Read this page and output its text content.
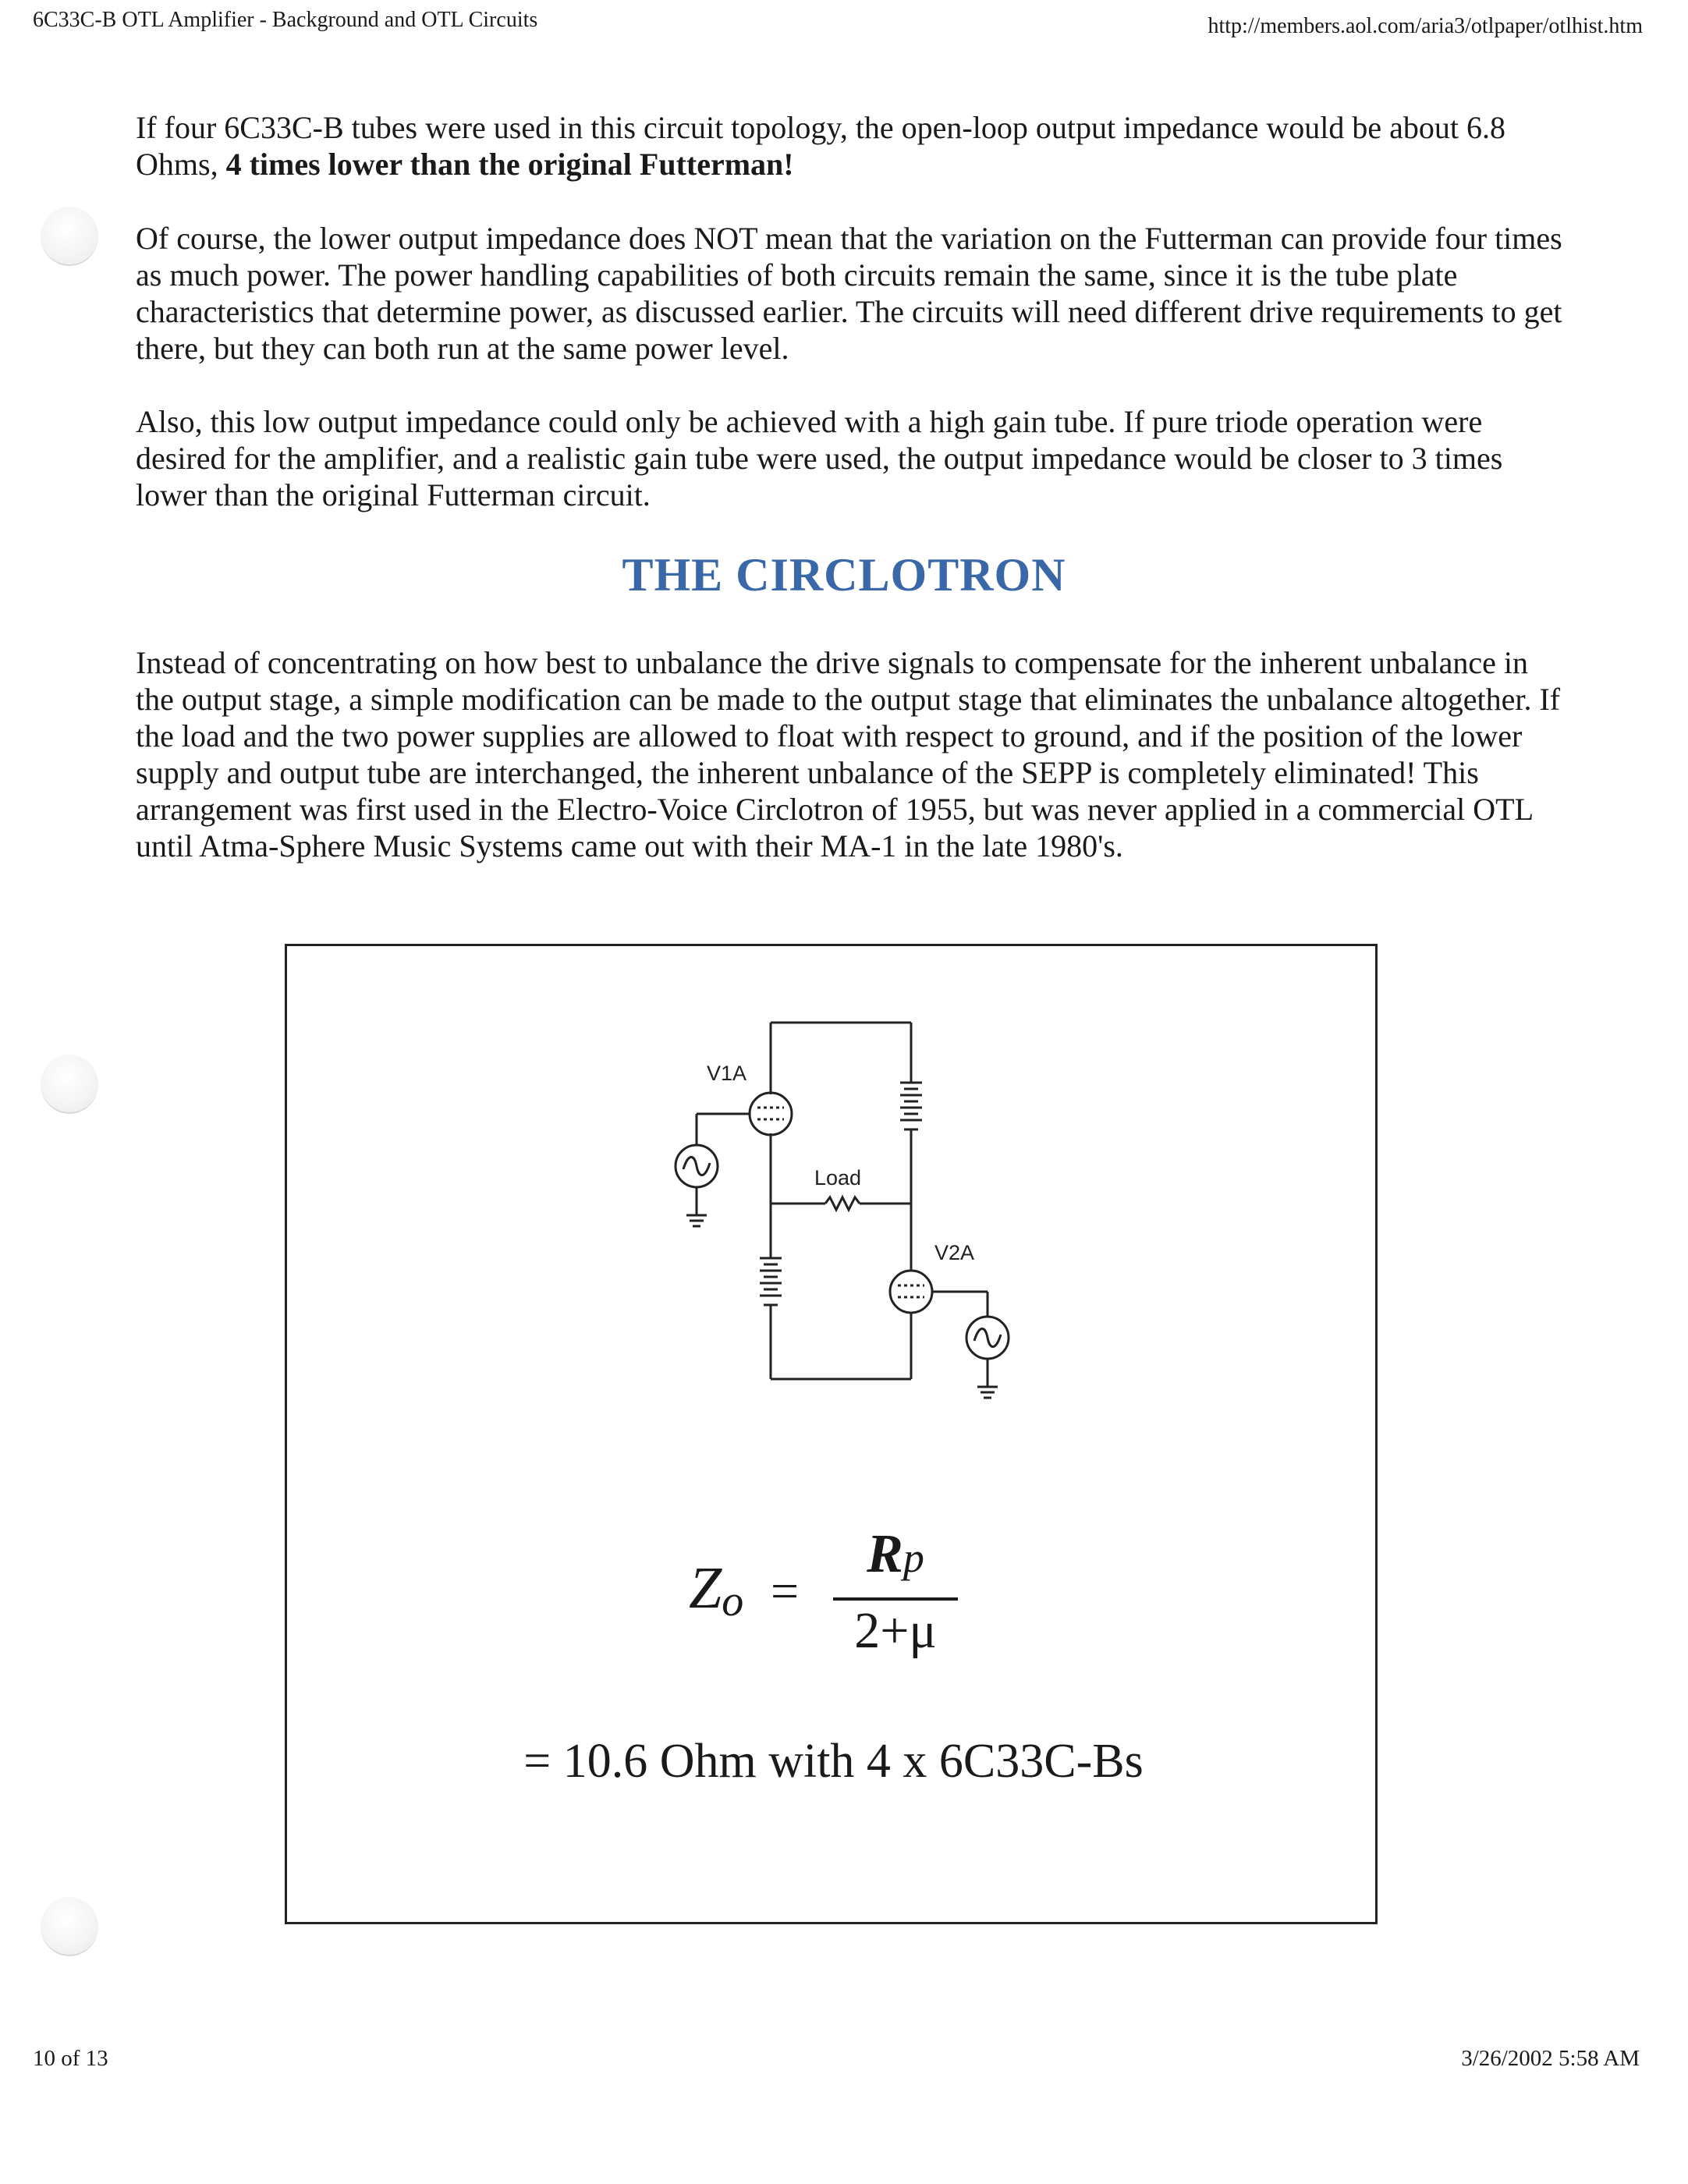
6C33C-B OTL Amplifier - Background and OTL Circuits	http://members.aol.com/aria3/otlpaper/otlhist.htm
If four 6C33C-B tubes were used in this circuit topology, the open-loop output impedance would be about 6.8 Ohms, 4 times lower than the original Futterman!
Of course, the lower output impedance does NOT mean that the variation on the Futterman can provide four times as much power. The power handling capabilities of both circuits remain the same, since it is the tube plate characteristics that determine power, as discussed earlier. The circuits will need different drive requirements to get there, but they can both run at the same power level.
Also, this low output impedance could only be achieved with a high gain tube. If pure triode operation were desired for the amplifier, and a realistic gain tube were used, the output impedance would be closer to 3 times lower than the original Futterman circuit.
THE CIRCLOTRON
Instead of concentrating on how best to unbalance the drive signals to compensate for the inherent unbalance in the output stage, a simple modification can be made to the output stage that eliminates the unbalance altogether. If the load and the two power supplies are allowed to float with respect to ground, and if the position of the lower supply and output tube are interchanged, the inherent unbalance of the SEPP is completely eliminated! This arrangement was first used in the Electro-Voice Circlotron of 1955, but was never applied in a commercial OTL until Atma-Sphere Music Systems came out with their MA-1 in the late 1980's.
V1A
Load
V2A
Zo =
Rp
2+μ
= 10.6 Ohm with 4 x 6C33C-Bs
10 of 13	3/26/2002 5:58 AM
